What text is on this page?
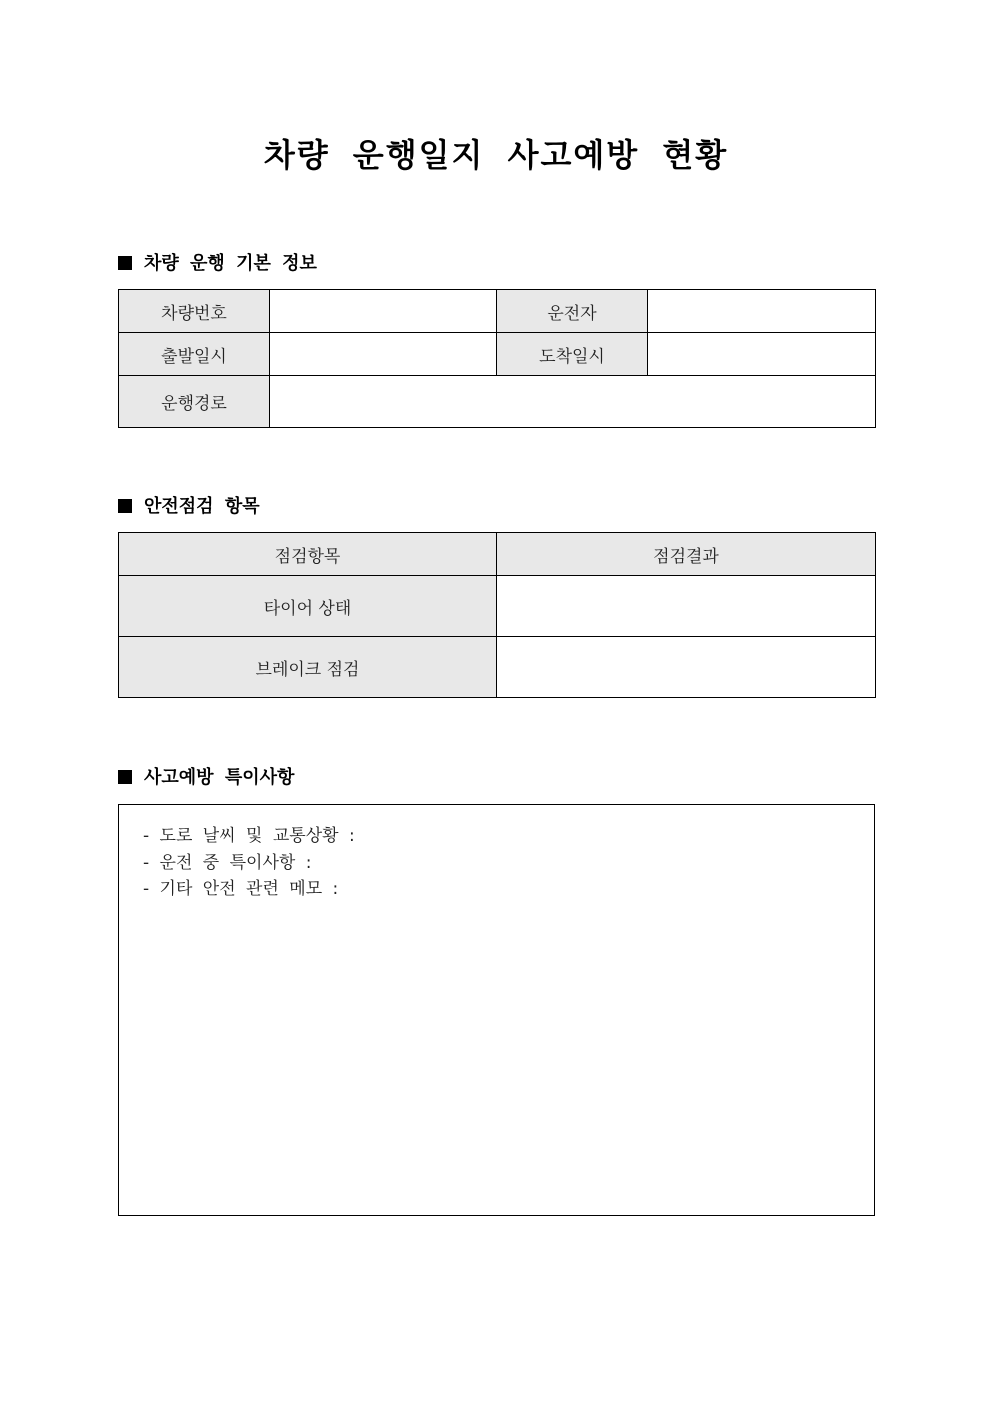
차량 운행일지 사고예방 현황
차량 운행 기본 정보
차량번호		운전자	
출발일시		도착일시	
운행경로			
안전점검 항목
점검항목	점검결과
타이어 상태	
브레이크 점검	
사고예방 특이사항
- 도로 날씨 및 교통상황 :
- 운전 중 특이사항 :
- 기타 안전 관련 메모 :
